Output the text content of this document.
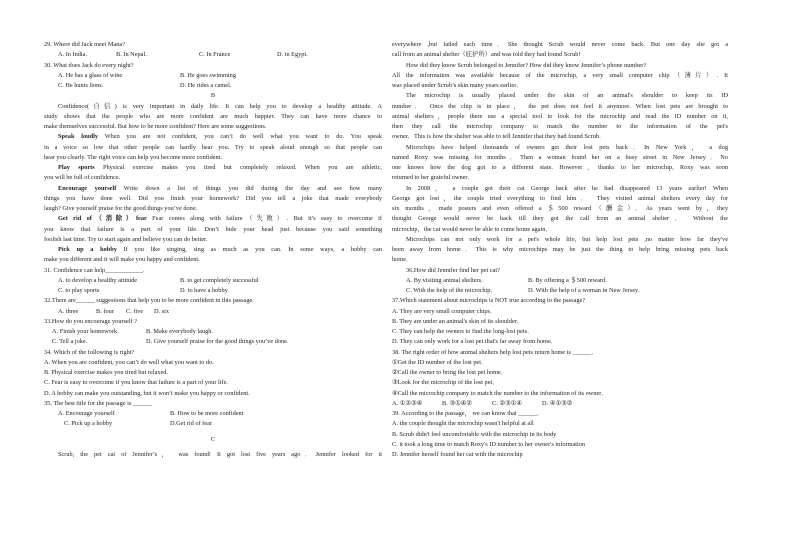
29. Where did Jack meet Mana?
A. In India.	B. In Nepal.	C. In France	D. in Egypt.
30. What does Jack do every night?
A. He has a glass of wine	B. He goes swimming
C. He hunts lions.	D. He rides a camel.
B
Confidence(自信) is very important in daily life. It can help you to develop a healthy attitude. A
study shows that the people who are more confident are much happier. They can have more chance to
make themselves successful. But how to be more confident? Here are some suggestions.
Speak loudly When you are not confident, you can’t do well what you want to do. You speak
in a voice so low that other people can hardly hear you. Try to speak aloud enough so that people can
hear you clearly. The right voice can help you become more confident.
Play sports Physical exercise makes you tired but completely relaxed. When you are athletic,
you will be full of confidence.
Encourage yourself Write down a list of things you did during the day and see how many
things you have done well. Did you finish your homework? Did you tell a joke that made everybody
laugh? Give yourself praise for the good things you’ve done.
Get rid of（消除）fear Fear comes along with failure（失败）. But it’s easy to overcome if
you know that failure is a part of your life. Don’t hide your head just because you said something
foolish last time. Try to start again and believe you can do better.
Pick up a hobby If you like singing, sing as much as you can. In some ways, a hobby can
make you different and it will make you happy and confident.
31. Confidence can help____________.
A. to develop a healthy attitude	B. to get completely successful
C. to play sports	D. to have a hobby
32.There are______ suggestions that help you to be more confident in this passage.
A. three	B. four	C. five	D. six
33.How do you encourage yourself ?
A. Finish your homework.	B. Make everybody laugh.
C. Tell a joke.	D. Give yourself praise for the good things you’ve done.
34. Which of the following is right?
A. When you are confident, you can’t do well what you want to do.
B. Physical exercise makes you tired but relaxed.
C. Fear is easy to overcome if you know that failure is a part of your life.
D. A hobby can make you outstanding, but it won’t make you happy or confident.
35. The best title for the passage is ______
A. Encourage yourself	B. How to be more confident
C. Pick up a hobby	D.Get rid of fear
C
Scrub, the pet cat of Jennifer’s， was found! It got lost five years ago．Jennifer looked for it
everywhere ,but failed each time．She thought Scrub would never come back. But one day she got a
call from an animal shelter（庇护所）and was told they had found Scrub!
How did they know Scrub belonged to Jennifer? How did they know Jennifer’s phone number?
All the information was available because of the microchip, a very small computer chip（薄片）. It
was placed under Scrub’s skin many years earlier．
The microchip is usually placed under the skin of an animal's shoulder to keep its ID
number． Once the chip is in place， the pet does not feel it anymore. When lost pets are brought to
animal shelters，people there use a special tool to look for the microchip and read the ID number on it,
then they call the microchip company to match the number to the information of the pet's
owner．This is how the shelter was able to tell Jennifer that they had found Scrub．
Microchips have helped thousands of owners get their lost pets back．In New York， a dog
named Roxy was missing for months．Then a woman found her on a busy street in New Jersey．No
one knows how the dog got to a different state. However，thanks to her microchip, Roxy was soon
returned to her grateful owner．
In 2008， a couple got their cat George back after he had disappeared 13 years earlier! When
George got lost，the couple tried everything to find him． They visited animal shelters every day for
six months，made posters and even offered a ＄500 reward（酬金）．As years went by，they
thought George would never be back till they got the call from an animal shelter． Without the
microchip，the cat would never be able to come home again．
Microchips can not only work for a pet's whole life, but help lost pets ,no matter how far they've
been away from home．This is why microchips may be just the thing to help bring missing pets back
home．
36.How did Jennifer find her pet cat?
A. By visiting animal shelters．	B. By offering a ＄500 reward．
C. With the help of the microchip．	D. With the help of a woman in New Jersey．
37.Which statement about microchips is NOT true according to the passage?
A. They are very small computer chips．
B. They are under an animal's skin of its shoulder．
C. They can help the owners to find the long-lost pets．
D. They can only work for a lost pet that's far away from home．
38. The right order of how animal shelters help lost pets return home is ______．
①Get the ID number of the lost pet．
②Call the owner to bring the lost pet home．
③Look for the microchip of the lost pet．
④Call the microchip company to match the number to the information of its owner．
A. ①②③④	B. ③①④②	C. ②③①④	D. ④①③②
39. According to the passage， we can know that ______．
A. the couple thought the microchip wasn't helpful at all
B. Scrub didn't feel uncomfortable with the microchip in its body
C. it took a long time to match Roxy's ID number to her owner's information
D. Jennifer herself found her cat with the microchip
